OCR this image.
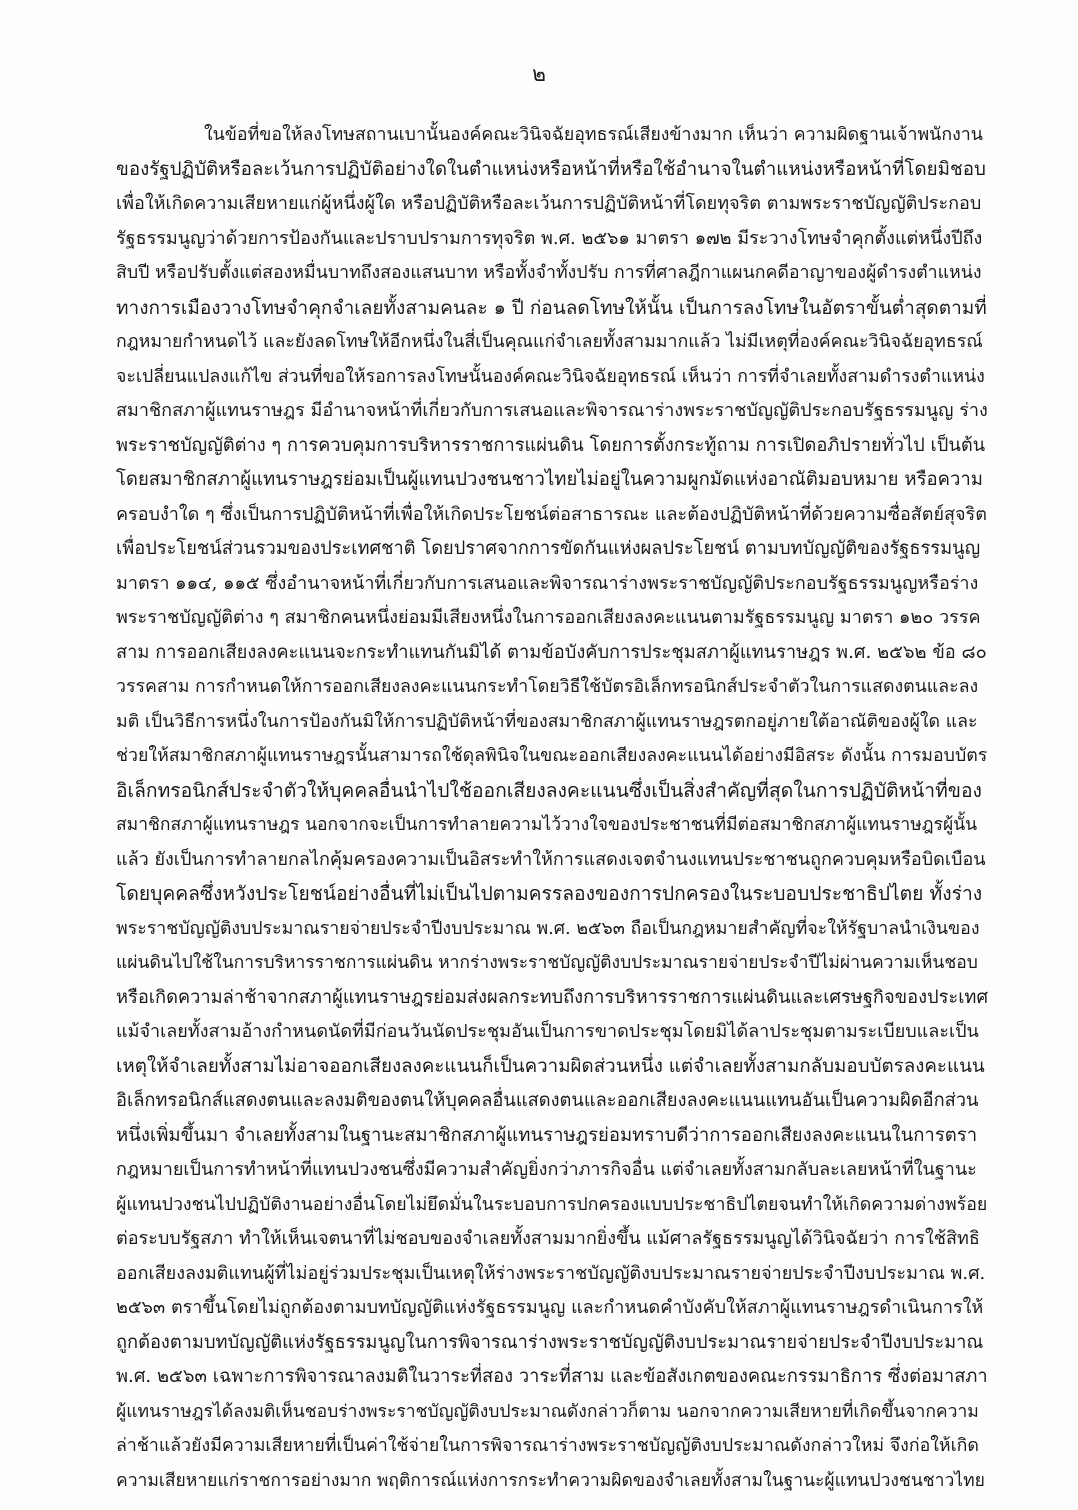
๒
ในข้อที่ขอให้ลงโทษสถานเบานั้นองค์คณะวินิจฉัยอุทธรณ์เสียงข้างมาก เห็นว่า ความผิดฐานเจ้าพนักงาน
ของรัฐปฏิบัติหรือละเว้นการปฏิบัติอย่างใดในตำแหน่งหรือหน้าที่หรือใช้อำนาจในตำแหน่งหรือหน้าที่โดยมิชอบ
เพื่อให้เกิดความเสียหายแก่ผู้หนึ่งผู้ใด หรือปฏิบัติหรือละเว้นการปฏิบัติหน้าที่โดยทุจริต ตามพระราชบัญญัติประกอบ
รัฐธรรมนูญว่าด้วยการป้องกันและปราบปรามการทุจริต พ.ศ. ๒๕๖๑ มาตรา ๑๗๒ มีระวางโทษจำคุกตั้งแต่หนึ่งปีถึง
สิบปี หรือปรับตั้งแต่สองหมื่นบาทถึงสองแสนบาท หรือทั้งจำทั้งปรับ การที่ศาลฎีกาแผนกคดีอาญาของผู้ดำรงตำแหน่ง
ทางการเมืองวางโทษจำคุกจำเลยทั้งสามคนละ ๑ ปี ก่อนลดโทษให้นั้น เป็นการลงโทษในอัตราขั้นต่ำสุดตามที่
กฎหมายกำหนดไว้ และยังลดโทษให้อีกหนึ่งในสี่เป็นคุณแก่จำเลยทั้งสามมากแล้ว ไม่มีเหตุที่องค์คณะวินิจฉัยอุทธรณ์
จะเปลี่ยนแปลงแก้ไข ส่วนที่ขอให้รอการลงโทษนั้นองค์คณะวินิจฉัยอุทธรณ์ เห็นว่า การที่จำเลยทั้งสามดำรงตำแหน่ง
สมาชิกสภาผู้แทนราษฎร มีอำนาจหน้าที่เกี่ยวกับการเสนอและพิจารณาร่างพระราชบัญญัติประกอบรัฐธรรมนูญ ร่าง
พระราชบัญญัติต่าง ๆ การควบคุมการบริหารราชการแผ่นดิน โดยการตั้งกระทู้ถาม การเปิดอภิปรายทั่วไป เป็นต้น
โดยสมาชิกสภาผู้แทนราษฎรย่อมเป็นผู้แทนปวงชนชาวไทยไม่อยู่ในความผูกมัดแห่งอาณัติมอบหมาย หรือความ
ครอบงำใด ๆ ซึ่งเป็นการปฏิบัติหน้าที่เพื่อให้เกิดประโยชน์ต่อสาธารณะ และต้องปฏิบัติหน้าที่ด้วยความซื่อสัตย์สุจริต
เพื่อประโยชน์ส่วนรวมของประเทศชาติ โดยปราศจากการขัดกันแห่งผลประโยชน์ ตามบทบัญญัติของรัฐธรรมนูญ
มาตรา ๑๑๔, ๑๑๕ ซึ่งอำนาจหน้าที่เกี่ยวกับการเสนอและพิจารณาร่างพระราชบัญญัติประกอบรัฐธรรมนูญหรือร่าง
พระราชบัญญัติต่าง ๆ สมาชิกคนหนึ่งย่อมมีเสียงหนึ่งในการออกเสียงลงคะแนนตามรัฐธรรมนูญ มาตรา ๑๒๐ วรรค
สาม การออกเสียงลงคะแนนจะกระทำแทนกันมิได้ ตามข้อบังคับการประชุมสภาผู้แทนราษฎร พ.ศ. ๒๕๖๒ ข้อ ๘๐
วรรคสาม การกำหนดให้การออกเสียงลงคะแนนกระทำโดยวิธีใช้บัตรอิเล็กทรอนิกส์ประจำตัวในการแสดงตนและลง
มติ เป็นวิธีการหนึ่งในการป้องกันมิให้การปฏิบัติหน้าที่ของสมาชิกสภาผู้แทนราษฎรตกอยู่ภายใต้อาณัติของผู้ใด และ
ช่วยให้สมาชิกสภาผู้แทนราษฎรนั้นสามารถใช้ดุลพินิจในขณะออกเสียงลงคะแนนได้อย่างมีอิสระ ดังนั้น การมอบบัตร
อิเล็กทรอนิกส์ประจำตัวให้บุคคลอื่นนำไปใช้ออกเสียงลงคะแนนซึ่งเป็นสิ่งสำคัญที่สุดในการปฏิบัติหน้าที่ของ
สมาชิกสภาผู้แทนราษฎร นอกจากจะเป็นการทำลายความไว้วางใจของประชาชนที่มีต่อสมาชิกสภาผู้แทนราษฎรผู้นั้น
แล้ว ยังเป็นการทำลายกลไกคุ้มครองความเป็นอิสระทำให้การแสดงเจตจำนงแทนประชาชนถูกควบคุมหรือบิดเบือน
โดยบุคคลซึ่งหวังประโยชน์อย่างอื่นที่ไม่เป็นไปตามครรลองของการปกครองในระบอบประชาธิปไตย ทั้งร่าง
พระราชบัญญัติงบประมาณรายจ่ายประจำปีงบประมาณ พ.ศ. ๒๕๖๓ ถือเป็นกฎหมายสำคัญที่จะให้รัฐบาลนำเงินของ
แผ่นดินไปใช้ในการบริหารราชการแผ่นดิน หากร่างพระราชบัญญัติงบประมาณรายจ่ายประจำปีไม่ผ่านความเห็นชอบ
หรือเกิดความล่าช้าจากสภาผู้แทนราษฎรย่อมส่งผลกระทบถึงการบริหารราชการแผ่นดินและเศรษฐกิจของประเทศ
แม้จำเลยทั้งสามอ้างกำหนดนัดที่มีก่อนวันนัดประชุมอันเป็นการขาดประชุมโดยมิได้ลาประชุมตามระเบียบและเป็น
เหตุให้จำเลยทั้งสามไม่อาจออกเสียงลงคะแนนก็เป็นความผิดส่วนหนึ่ง แต่จำเลยทั้งสามกลับมอบบัตรลงคะแนน
อิเล็กทรอนิกส์แสดงตนและลงมติของตนให้บุคคลอื่นแสดงตนและออกเสียงลงคะแนนแทนอันเป็นความผิดอีกส่วน
หนึ่งเพิ่มขึ้นมา จำเลยทั้งสามในฐานะสมาชิกสภาผู้แทนราษฎรย่อมทราบดีว่าการออกเสียงลงคะแนนในการตรา
กฎหมายเป็นการทำหน้าที่แทนปวงชนซึ่งมีความสำคัญยิ่งกว่าภารกิจอื่น แต่จำเลยทั้งสามกลับละเลยหน้าที่ในฐานะ
ผู้แทนปวงชนไปปฏิบัติงานอย่างอื่นโดยไม่ยึดมั่นในระบอบการปกครองแบบประชาธิปไตยจนทำให้เกิดความด่างพร้อย
ต่อระบบรัฐสภา ทำให้เห็นเจตนาที่ไม่ชอบของจำเลยทั้งสามมากยิ่งขึ้น แม้ศาลรัฐธรรมนูญได้วินิจฉัยว่า การใช้สิทธิ
ออกเสียงลงมติแทนผู้ที่ไม่อยู่ร่วมประชุมเป็นเหตุให้ร่างพระราชบัญญัติงบประมาณรายจ่ายประจำปีงบประมาณ พ.ศ.
๒๕๖๓ ตราขึ้นโดยไม่ถูกต้องตามบทบัญญัติแห่งรัฐธรรมนูญ และกำหนดคำบังคับให้สภาผู้แทนราษฎรดำเนินการให้
ถูกต้องตามบทบัญญัติแห่งรัฐธรรมนูญในการพิจารณาร่างพระราชบัญญัติงบประมาณรายจ่ายประจำปีงบประมาณ
พ.ศ. ๒๕๖๓ เฉพาะการพิจารณาลงมติในวาระที่สอง วาระที่สาม และข้อสังเกตของคณะกรรมาธิการ ซึ่งต่อมาสภา
ผู้แทนราษฎรได้ลงมติเห็นชอบร่างพระราชบัญญัติงบประมาณดังกล่าวก็ตาม นอกจากความเสียหายที่เกิดขึ้นจากความ
ล่าช้าแล้วยังมีความเสียหายที่เป็นค่าใช้จ่ายในการพิจารณาร่างพระราชบัญญัติงบประมาณดังกล่าวใหม่ จึงก่อให้เกิด
ความเสียหายแก่ราชการอย่างมาก พฤติการณ์แห่งการกระทำความผิดของจำเลยทั้งสามในฐานะผู้แทนปวงชนชาวไทย
